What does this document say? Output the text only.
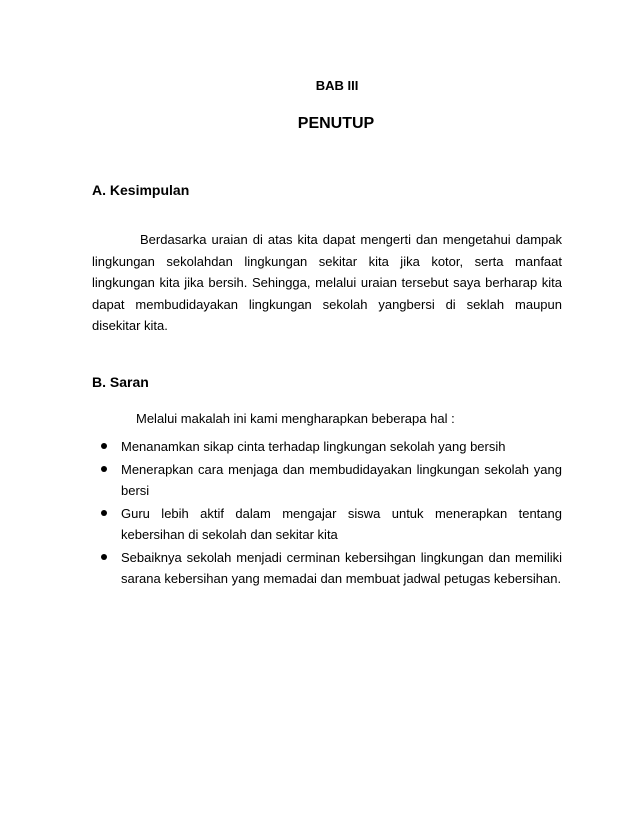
BAB III
PENUTUP
A. Kesimpulan

Berdasarka uraian di atas kita dapat mengerti dan mengetahui dampak lingkungan sekolahdan lingkungan sekitar kita jika kotor, serta manfaat lingkungan kita jika bersih. Sehingga, melalui uraian tersebut saya berharap kita dapat membudidayakan lingkungan sekolah yangbersi di seklah maupun disekitar kita.

B. Saran
Melalui makalah ini kami mengharapkan beberapa hal :
Menanamkan sikap cinta terhadap lingkungan sekolah yang bersih
Menerapkan cara menjaga dan membudidayakan lingkungan sekolah yang bersi
Guru lebih aktif dalam mengajar siswa untuk menerapkan tentang kebersihan di sekolah dan sekitar kita
Sebaiknya sekolah menjadi cerminan kebersihgan lingkungan dan memiliki sarana kebersihan yang memadai dan membuat jadwal petugas kebersihan.
